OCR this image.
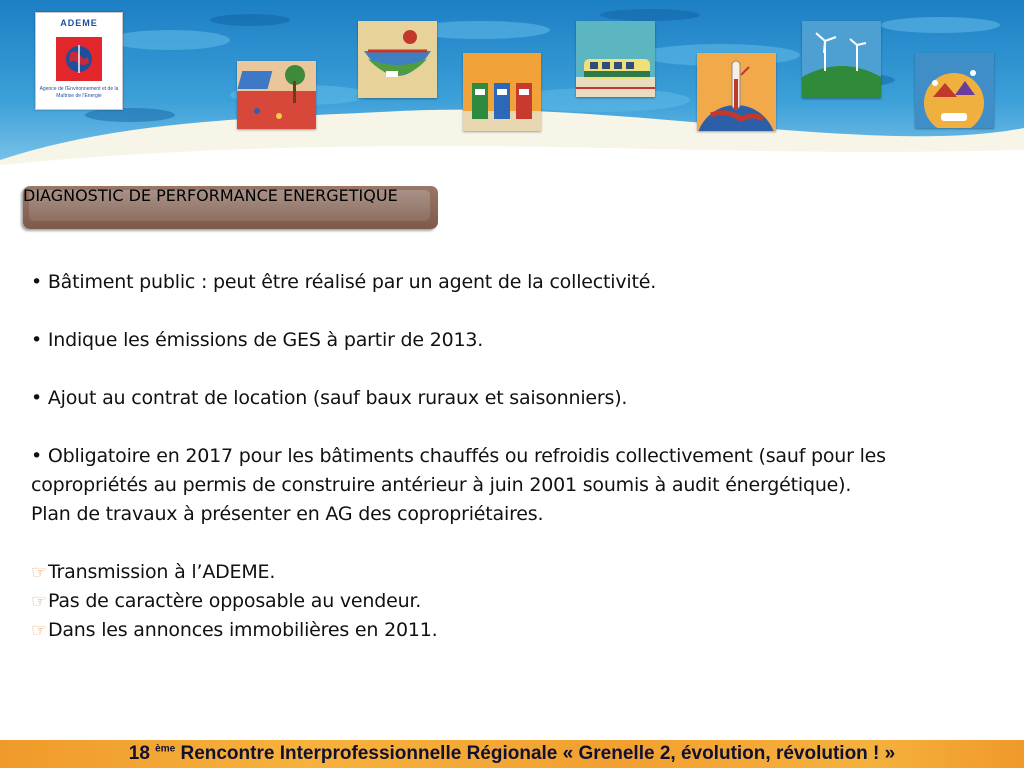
ADEME
Agence de l'Environnement et de la Maîtrise de l'Energie
DIAGNOSTIC DE PERFORMANCE ENERGETIQUE

• Bâtiment public : peut être réalisé par un agent de la collectivité.

• Indique les émissions de GES à partir de 2013.

• Ajout au contrat de location (sauf baux ruraux et saisonniers).

• Obligatoire en 2017 pour les bâtiments chauffés ou refroidis collectivement (sauf pour les copropriétés au permis de construire antérieur à juin 2001 soumis à audit énergétique).

Plan de travaux à présenter en AG des copropriétaires.

☞Transmission à l’ADEME.

☞Pas de caractère opposable au vendeur.

☞Dans les annonces immobilières en 2011.

18 $^{ème}$ Rencontre Interprofessionnelle Régionale « Grenelle 2, évolution, révolution ! »
